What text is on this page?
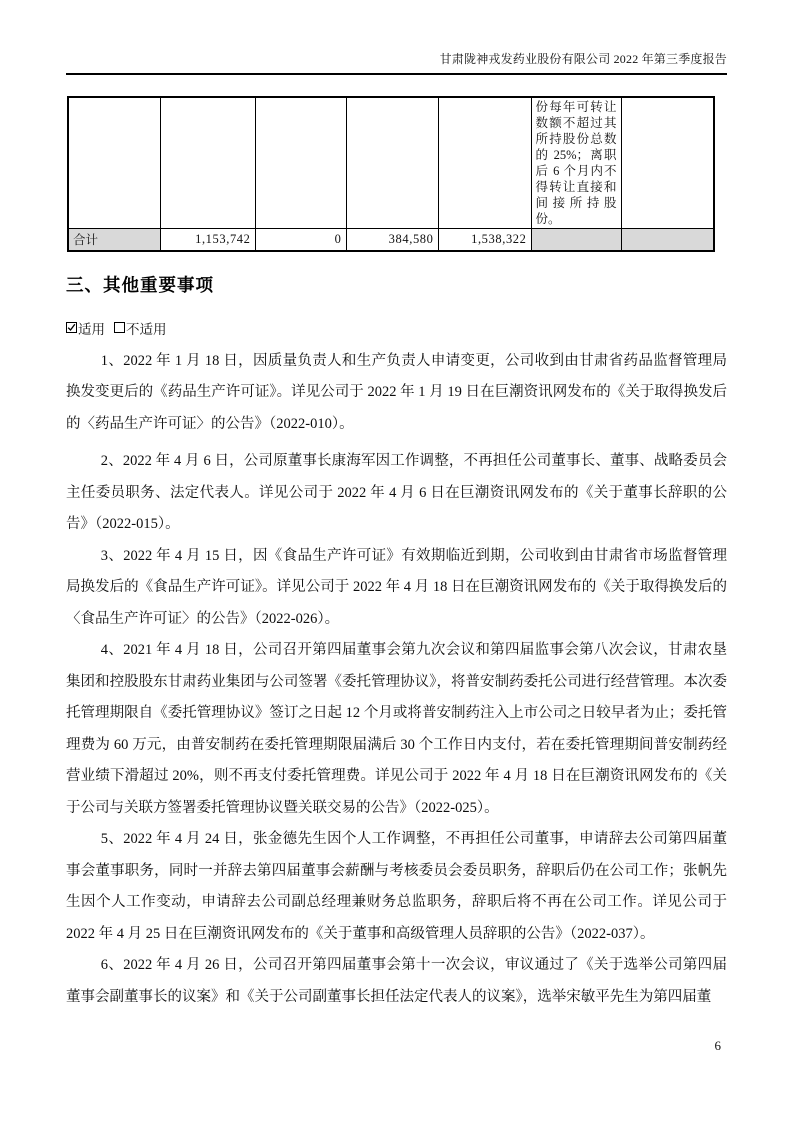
甘肃陇神戎发药业股份有限公司 2022 年第三季度报告
					份每年可转让数额不超过其所持股份总数的 25%；离职后 6 个月内不得转让直接和间接所持股份。	
合计	1,153,742	0	384,580	1,538,322		
三、其他重要事项
适用 不适用

1、2022 年 1 月 18 日，因质量负责人和生产负责人申请变更，公司收到由甘肃省药品监督管理局换发变更后的《药品生产许可证》。详见公司于 2022 年 1 月 19 日在巨潮资讯网发布的《关于取得换发后的〈药品生产许可证〉的公告》（2022-010）。

2、2022 年 4 月 6 日，公司原董事长康海军因工作调整，不再担任公司董事长、董事、战略委员会主任委员职务、法定代表人。详见公司于 2022 年 4 月 6 日在巨潮资讯网发布的《关于董事长辞职的公告》（2022-015）。

3、2022 年 4 月 15 日，因《食品生产许可证》有效期临近到期，公司收到由甘肃省市场监督管理局换发后的《食品生产许可证》。详见公司于 2022 年 4 月 18 日在巨潮资讯网发布的《关于取得换发后的〈食品生产许可证〉的公告》（2022-026）。

4、2021 年 4 月 18 日，公司召开第四届董事会第九次会议和第四届监事会第八次会议，甘肃农垦集团和控股股东甘肃药业集团与公司签署《委托管理协议》，将普安制药委托公司进行经营管理。本次委托管理期限自《委托管理协议》签订之日起 12 个月或将普安制药注入上市公司之日较早者为止；委托管理费为 60 万元，由普安制药在委托管理期限届满后 30 个工作日内支付，若在委托管理期间普安制药经营业绩下滑超过 20%，则不再支付委托管理费。详见公司于 2022 年 4 月 18 日在巨潮资讯网发布的《关于公司与关联方签署委托管理协议暨关联交易的公告》（2022-025）。

5、2022 年 4 月 24 日，张金德先生因个人工作调整，不再担任公司董事，申请辞去公司第四届董事会董事职务，同时一并辞去第四届董事会薪酬与考核委员会委员职务，辞职后仍在公司工作；张帆先生因个人工作变动，申请辞去公司副总经理兼财务总监职务，辞职后将不再在公司工作。详见公司于 2022 年 4 月 25 日在巨潮资讯网发布的《关于董事和高级管理人员辞职的公告》（2022-037）。

6、2022 年 4 月 26 日，公司召开第四届董事会第十一次会议，审议通过了《关于选举公司第四届董事会副董事长的议案》和《关于公司副董事长担任法定代表人的议案》，选举宋敏平先生为第四届董

6
